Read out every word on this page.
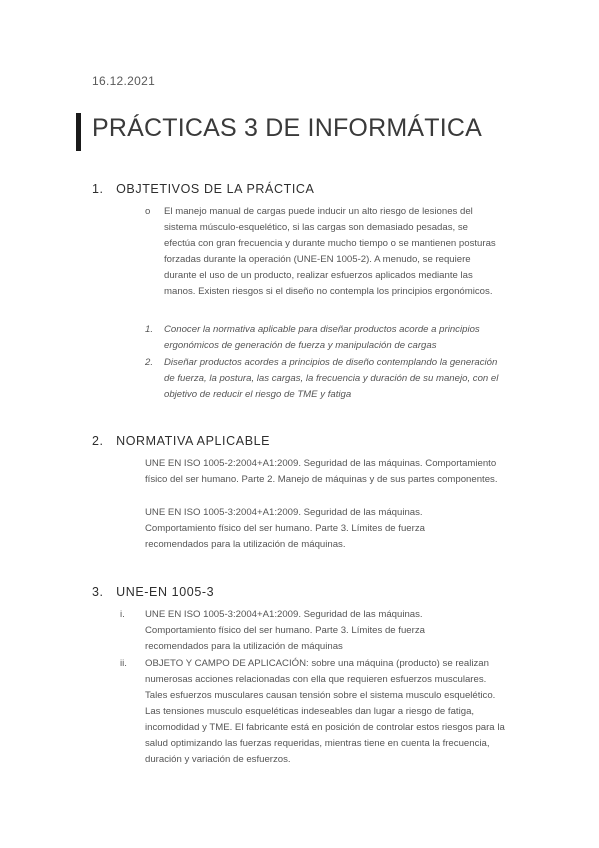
16.12.2021
PRÁCTICAS 3 DE INFORMÁTICA
1. OBJTETIVOS DE LA PRÁCTICA
o El manejo manual de cargas puede inducir un alto riesgo de lesiones del sistema músculo-esquelético, si las cargas son demasiado pesadas, se efectúa con gran frecuencia y durante mucho tiempo o se mantienen posturas forzadas durante la operación (UNE-EN 1005-2). A menudo, se requiere durante el uso de un producto, realizar esfuerzos aplicados mediante las manos. Existen riesgos si el diseño no contempla los principios ergonómicos.
1. Conocer la normativa aplicable para diseñar productos acorde a principios ergonómicos de generación de fuerza y manipulación de cargas
2. Diseñar productos acordes a principios de diseño contemplando la generación de fuerza, la postura, las cargas, la frecuencia y duración de su manejo, con el objetivo de reducir el riesgo de TME y fatiga
2. NORMATIVA APLICABLE
UNE EN ISO 1005-2:2004+A1:2009. Seguridad de las máquinas. Comportamiento físico del ser humano. Parte 2. Manejo de máquinas y de sus partes componentes.
UNE EN ISO 1005-3:2004+A1:2009. Seguridad de las máquinas. Comportamiento físico del ser humano. Parte 3. Límites de fuerza recomendados para la utilización de máquinas.
3. UNE-EN 1005-3
i. UNE EN ISO 1005-3:2004+A1:2009. Seguridad de las máquinas. Comportamiento físico del ser humano. Parte 3. Límites de fuerza recomendados para la utilización de máquinas
ii. OBJETO Y CAMPO DE APLICACIÓN: sobre una máquina (producto) se realizan numerosas acciones relacionadas con ella que requieren esfuerzos musculares. Tales esfuerzos musculares causan tensión sobre el sistema musculo esquelético. Las tensiones musculo esqueléticas indeseables dan lugar a riesgo de fatiga, incomodidad y TME. El fabricante está en posición de controlar estos riesgos para la salud optimizando las fuerzas requeridas, mientras tiene en cuenta la frecuencia, duración y variación de esfuerzos.
